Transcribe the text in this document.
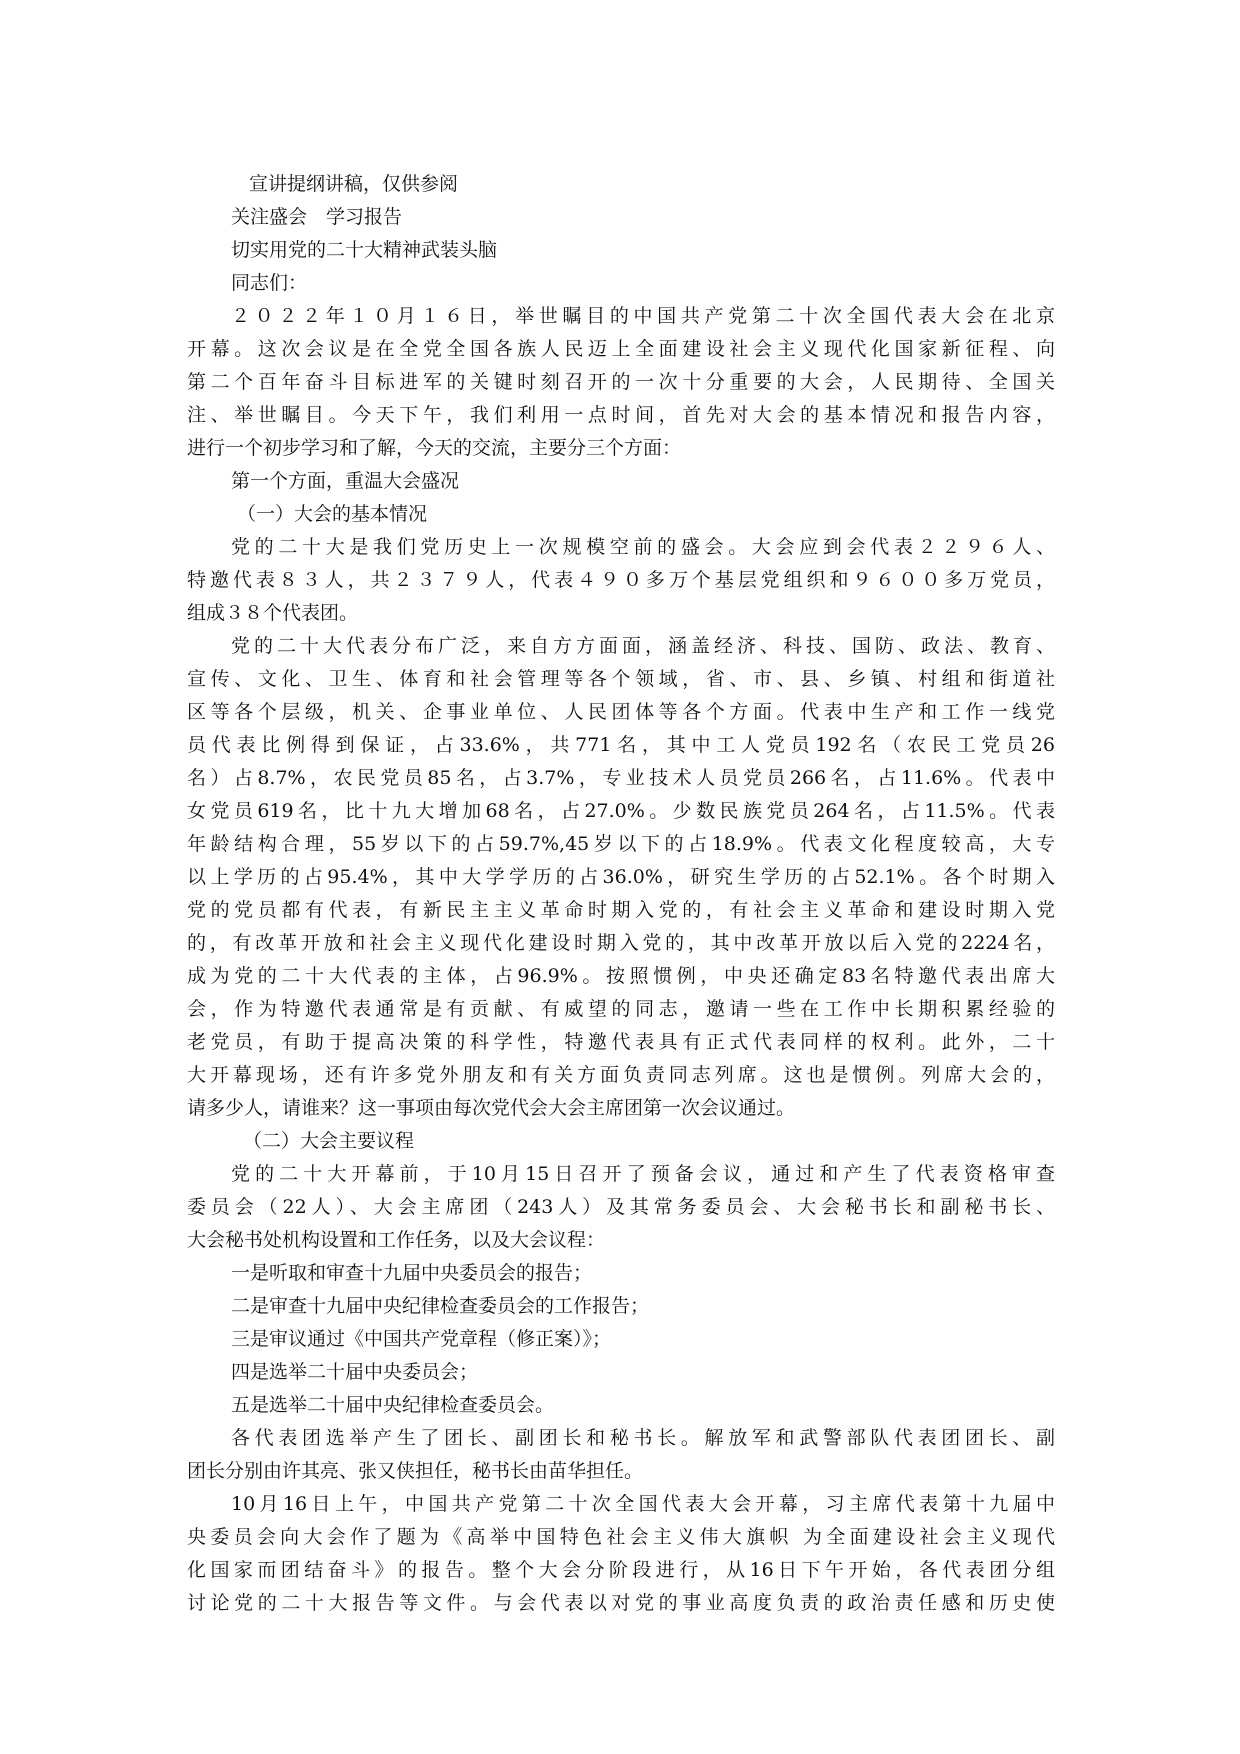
宣讲提纲讲稿，仅供参阅
关注盛会　学习报告
切实用党的二十大精神武装头脑
同志们：
２０２２年１０月１６日，举世瞩目的中国共产党第二十次全国代表大会在北京
开幕。这次会议是在全党全国各族人民迈上全面建设社会主义现代化国家新征程、向
第二个百年奋斗目标进军的关键时刻召开的一次十分重要的大会，人民期待、全国关
注、举世瞩目。今天下午，我们利用一点时间，首先对大会的基本情况和报告内容，
进行一个初步学习和了解，今天的交流，主要分三个方面：
第一个方面，重温大会盛况
（一）大会的基本情况
党的二十大是我们党历史上一次规模空前的盛会。大会应到会代表２２９６人、
特邀代表８３人，共２３７９人，代表４９０多万个基层党组织和９６００多万党员，
组成３８个代表团。
党的二十大代表分布广泛，来自方方面面，涵盖经济、科技、国防、政法、教育、
宣传、文化、卫生、体育和社会管理等各个领域，省、市、县、乡镇、村组和街道社
区等各个层级，机关、企事业单位、人民团体等各个方面。代表中生产和工作一线党
员代表比例得到保证，占33.6%，共771名，其中工人党员192名（农民工党员26
名）占8.7%，农民党员85名，占3.7%，专业技术人员党员266名，占11.6%。代表中
女党员619名，比十九大增加68名，占27.0%。少数民族党员264名，占11.5%。代表
年龄结构合理，55岁以下的占59.7%,45岁以下的占18.9%。代表文化程度较高，大专
以上学历的占95.4%，其中大学学历的占36.0%，研究生学历的占52.1%。各个时期入
党的党员都有代表，有新民主主义革命时期入党的，有社会主义革命和建设时期入党
的，有改革开放和社会主义现代化建设时期入党的，其中改革开放以后入党的2224名，
成为党的二十大代表的主体，占96.9%。按照惯例，中央还确定83名特邀代表出席大
会，作为特邀代表通常是有贡献、有威望的同志，邀请一些在工作中长期积累经验的
老党员，有助于提高决策的科学性，特邀代表具有正式代表同样的权利。此外，二十
大开幕现场，还有许多党外朋友和有关方面负责同志列席。这也是惯例。列席大会的，
请多少人，请谁来？这一事项由每次党代会大会主席团第一次会议通过。
（二）大会主要议程
党的二十大开幕前，于10月15日召开了预备会议，通过和产生了代表资格审查
委员会（22人）、大会主席团（243人）及其常务委员会、大会秘书长和副秘书长、
大会秘书处机构设置和工作任务，以及大会议程：
一是听取和审查十九届中央委员会的报告；
二是审查十九届中央纪律检查委员会的工作报告；
三是审议通过《中国共产党章程（修正案）》；
四是选举二十届中央委员会；
五是选举二十届中央纪律检查委员会。
各代表团选举产生了团长、副团长和秘书长。解放军和武警部队代表团团长、副
团长分别由许其亮、张又侠担任，秘书长由苗华担任。
10月16日上午，中国共产党第二十次全国代表大会开幕，习主席代表第十九届中
央委员会向大会作了题为《高举中国特色社会主义伟大旗帜 为全面建设社会主义现代
化国家而团结奋斗》的报告。整个大会分阶段进行，从16日下午开始，各代表团分组
讨论党的二十大报告等文件。与会代表以对党的事业高度负责的政治责任感和历史使
